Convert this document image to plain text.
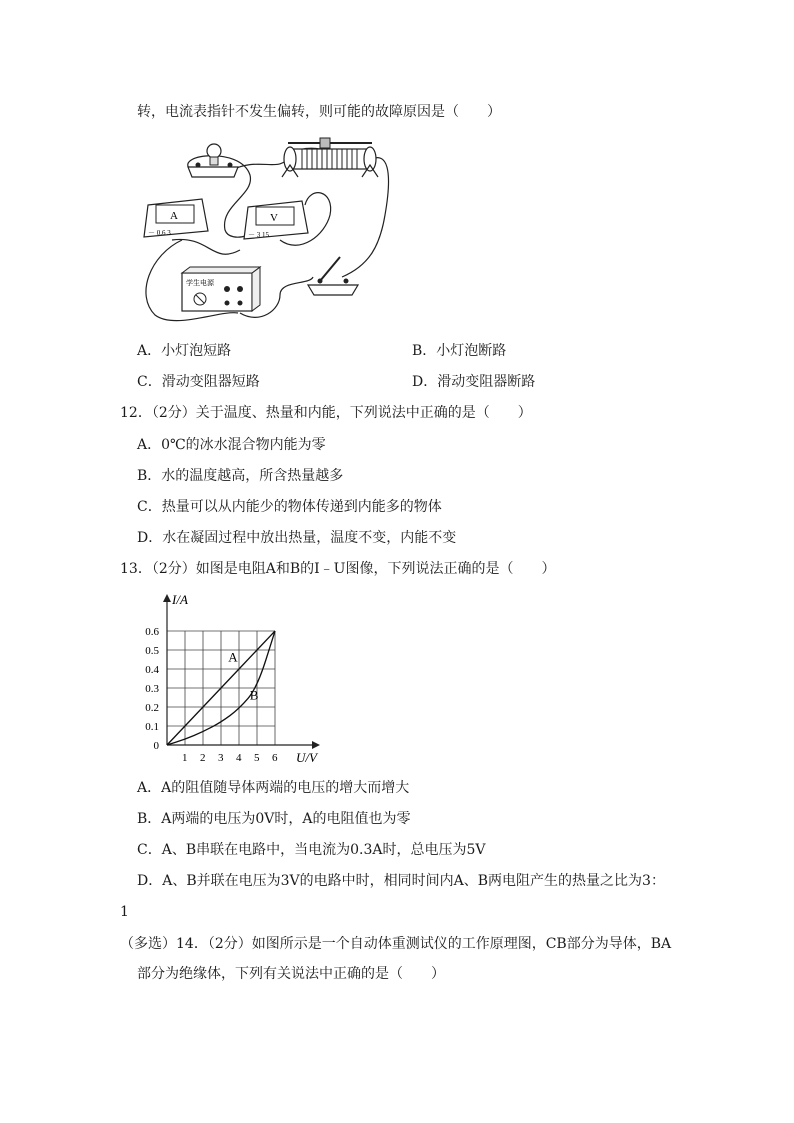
转，电流表指针不发生偏转，则可能的故障原因是（　　）
A
－ 0.6 3
V
－ 3 15
学生电源
A．小灯泡短路	B．小灯泡断路
C．滑动变阻器短路	D．滑动变阻器断路
12．（2分）关于温度、热量和内能，下列说法中正确的是（　　）
A．0℃的冰水混合物内能为零
B．水的温度越高，所含热量越多
C．热量可以从内能少的物体传递到内能多的物体
D．水在凝固过程中放出热量，温度不变，内能不变
13．（2分）如图是电阻A和B的I﹣U图像，下列说法正确的是（　　）
1 2 3 4 5 6
0
0.1
0.2
0.3
0.4
0.5
0.6
A
B
I/A
U/V
A．A的阻值随导体两端的电压的增大而增大
B．A两端的电压为0V时，A的电阻值也为零
C．A、B串联在电路中，当电流为0.3A时，总电压为5V
D．A、B并联在电压为3V的电路中时，相同时间内A、B两电阻产生的热量之比为3：
1
（多选）14．（2分）如图所示是一个自动体重测试仪的工作原理图，CB部分为导体，BA
部分为绝缘体，下列有关说法中正确的是（　　）
